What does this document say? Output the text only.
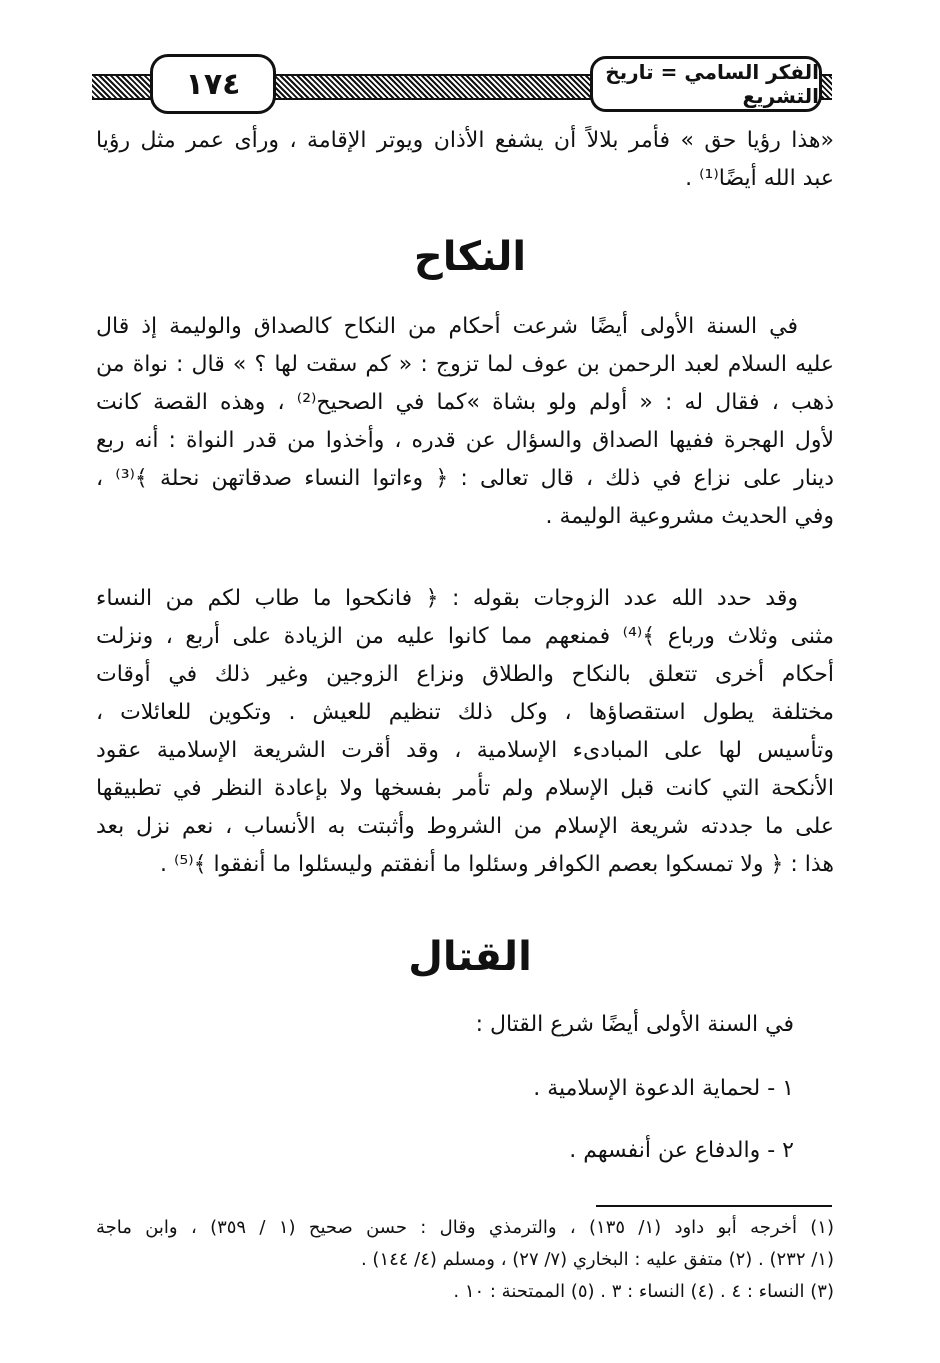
الفكر السامي = تاريخ التشريع
١٧٤
«هذا رؤيا حق » فأمر بلالاً أن يشفع الأذان ويوتر الإقامة ، ورأى عمر مثل رؤيا
عبد الله أيضًا⁽¹⁾ .
النكاح
في السنة الأولى أيضًا شرعت أحكام من النكاح كالصداق والوليمة إذ قال
عليه السلام لعبد الرحمن بن عوف لما تزوج : « كم سقت لها ؟ » قال : نواة من
ذهب ، فقال له : « أولم ولو بشاة »كما في الصحيح⁽²⁾ ، وهذه القصة كانت
لأول الهجرة ففيها الصداق والسؤال عن قدره ، وأخذوا من قدر النواة : أنه ربع
دينار على نزاع في ذلك ، قال تعالى : ﴿ وءاتوا النساء صدقاتهن نحلة ﴾⁽³⁾ ،
وفي الحديث مشروعية الوليمة .
وقد حدد الله عدد الزوجات بقوله : ﴿ فانكحوا ما طاب لكم من النساء
مثنى وثلاث ورباع ﴾⁽⁴⁾ فمنعهم مما كانوا عليه من الزيادة على أربع ، ونزلت
أحكام أخرى تتعلق بالنكاح والطلاق ونزاع الزوجين وغير ذلك في أوقات
مختلفة يطول استقصاؤها ، وكل ذلك تنظيم للعيش . وتكوين للعائلات ،
وتأسيس لها على المبادىء الإسلامية ، وقد أقرت الشريعة الإسلامية عقود
الأنكحة التي كانت قبل الإسلام ولم تأمر بفسخها ولا بإعادة النظر في تطبيقها
على ما جددته شريعة الإسلام من الشروط وأثبتت به الأنساب ، نعم نزل بعد
هذا : ﴿ ولا تمسكوا بعصم الكوافر وسئلوا ما أنفقتم وليسئلوا ما أنفقوا ﴾⁽⁵⁾ .
القتال
في السنة الأولى أيضًا شرع القتال :
١ - لحماية الدعوة الإسلامية .
٢ - والدفاع عن أنفسهم .
(١) أخرجه أبو داود (١/ ١٣٥) ، والترمذي وقال : حسن صحيح (١ / ٣٥٩) ، وابن ماجة
(١/ ٢٣٢) . (٢) متفق عليه : البخاري (٧/ ٢٧) ، ومسلم (٤/ ١٤٤) .
(٣) النساء : ٤ . (٤) النساء : ٣ . (٥) الممتحنة : ١٠ .
